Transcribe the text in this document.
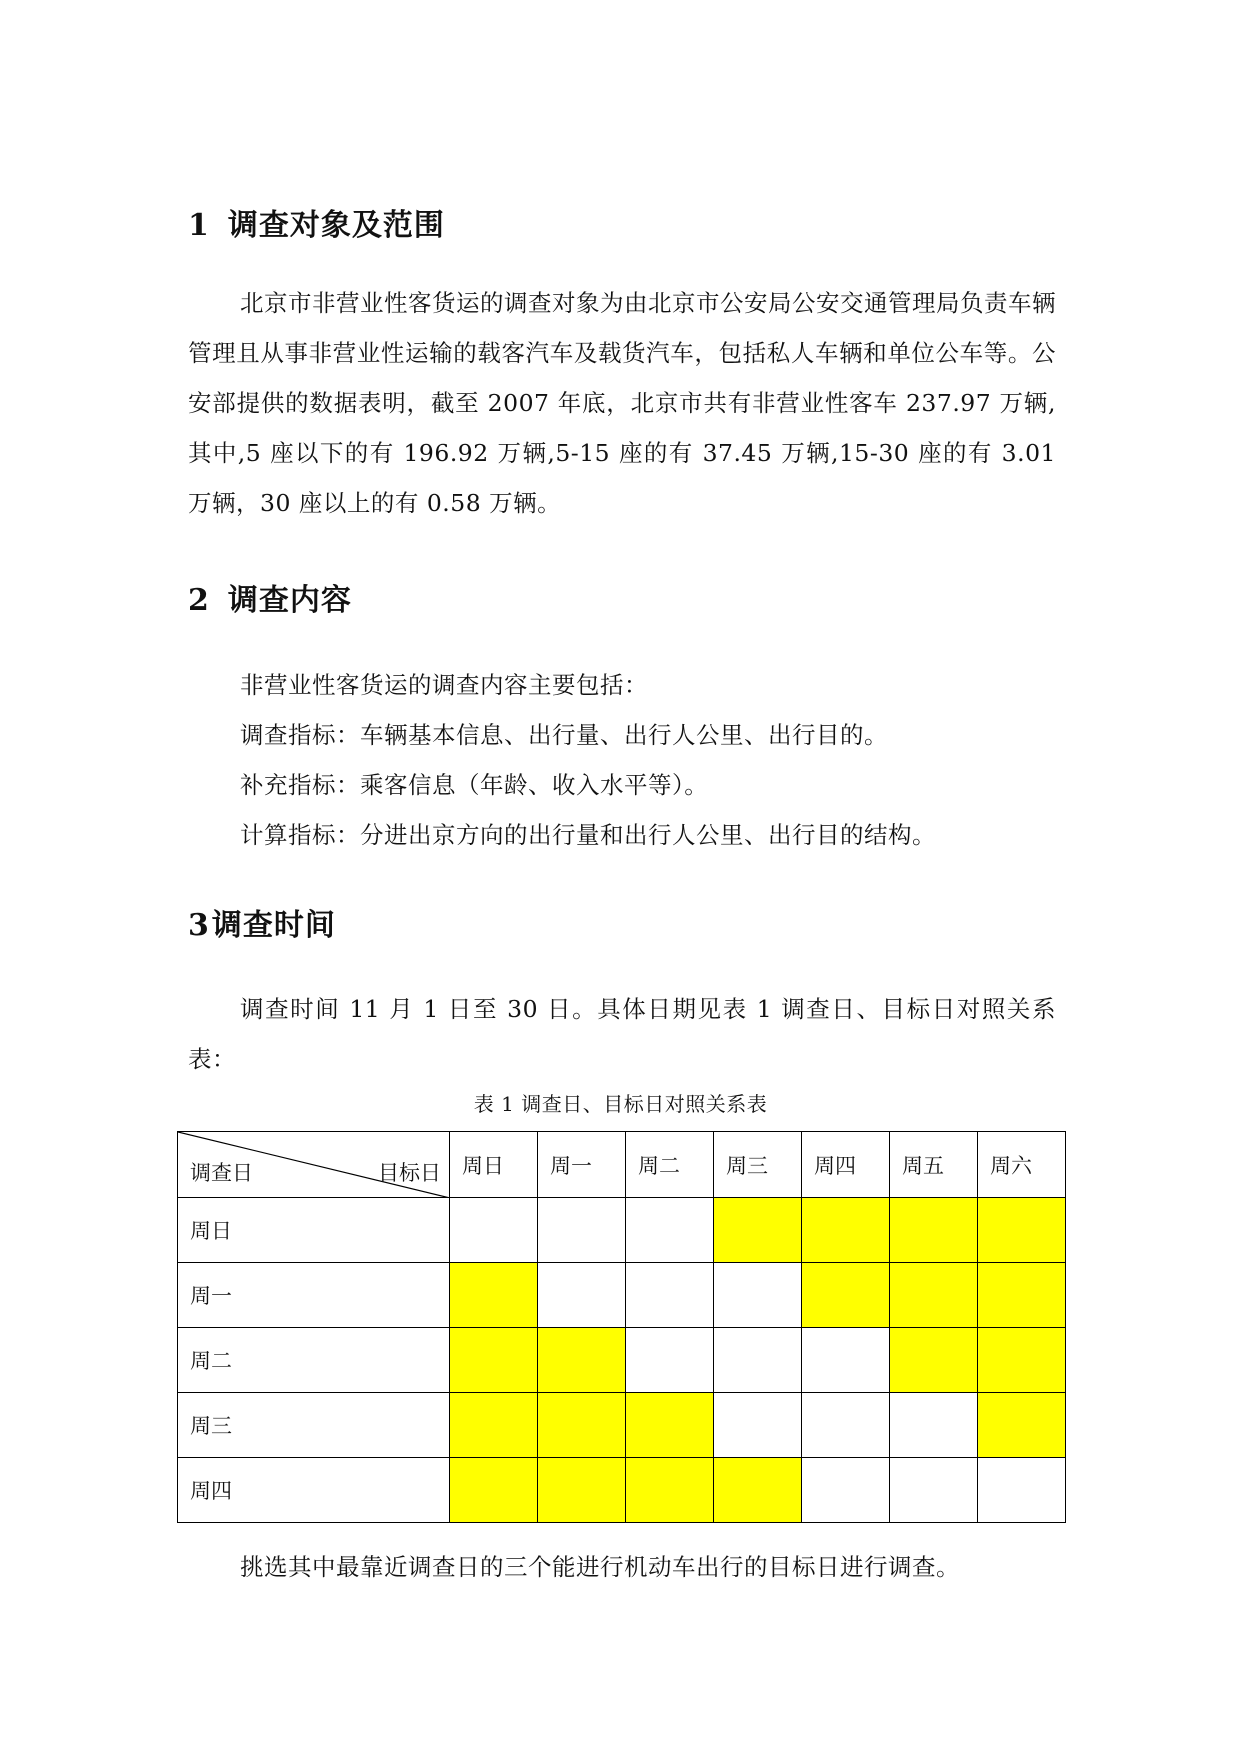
1 调查对象及范围

北京市非营业性客货运的调查对象为由北京市公安局公安交通管理局负责车辆管理且从事非营业性运输的载客汽车及载货汽车，包括私人车辆和单位公车等。公安部提供的数据表明，截至 2007 年底，北京市共有非营业性客车 237.97 万辆,其中,5 座以下的有 196.92 万辆,5-15 座的有 37.45 万辆,15-30 座的有 3.01 万辆，30 座以上的有 0.58 万辆。

2 调查内容

非营业性客货运的调查内容主要包括：

调查指标：车辆基本信息、出行量、出行人公里、出行目的。

补充指标：乘客信息（年龄、收入水平等）。

计算指标：分进出京方向的出行量和出行人公里、出行目的结构。

3调查时间

调查时间 11 月 1 日至 30 日。具体日期见表 1 调查日、目标日对照关系表：

表 1 调查日、目标日对照关系表

调查日 目标日	周日	周一	周二	周三	周四	周五	周六
周日							
周一							
周二							
周三							
周四							

挑选其中最靠近调查日的三个能进行机动车出行的目标日进行调查。
